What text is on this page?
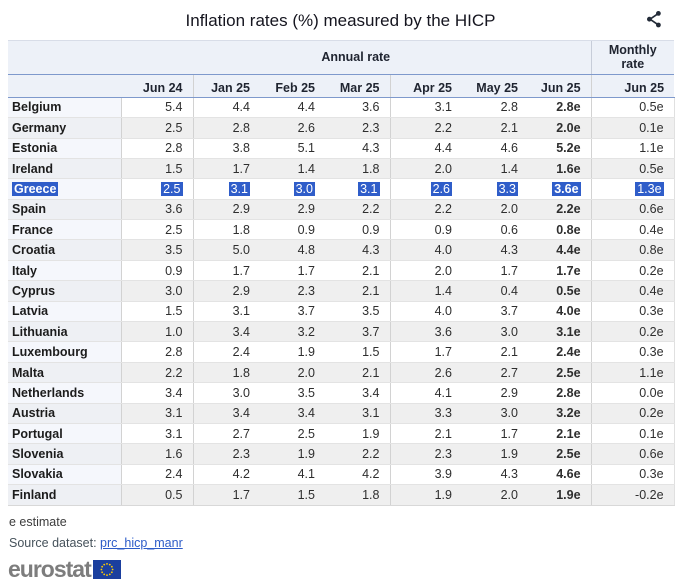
Inflation rates (%) measured by the HICP
	Annual rate							Monthly rate
	Jun 24	Jan 25	Feb 25	Mar 25	Apr 25	May 25	Jun 25	Jun 25
Belgium	5.4	4.4	4.4	3.6	3.1	2.8	2.8e	0.5e
Germany	2.5	2.8	2.6	2.3	2.2	2.1	2.0e	0.1e
Estonia	2.8	3.8	5.1	4.3	4.4	4.6	5.2e	1.1e
Ireland	1.5	1.7	1.4	1.8	2.0	1.4	1.6e	0.5e
Greece	2.5	3.1	3.0	3.1	2.6	3.3	3.6e	1.3e
Spain	3.6	2.9	2.9	2.2	2.2	2.0	2.2e	0.6e
France	2.5	1.8	0.9	0.9	0.9	0.6	0.8e	0.4e
Croatia	3.5	5.0	4.8	4.3	4.0	4.3	4.4e	0.8e
Italy	0.9	1.7	1.7	2.1	2.0	1.7	1.7e	0.2e
Cyprus	3.0	2.9	2.3	2.1	1.4	0.4	0.5e	0.4e
Latvia	1.5	3.1	3.7	3.5	4.0	3.7	4.0e	0.3e
Lithuania	1.0	3.4	3.2	3.7	3.6	3.0	3.1e	0.2e
Luxembourg	2.8	2.4	1.9	1.5	1.7	2.1	2.4e	0.3e
Malta	2.2	1.8	2.0	2.1	2.6	2.7	2.5e	1.1e
Netherlands	3.4	3.0	3.5	3.4	4.1	2.9	2.8e	0.0e
Austria	3.1	3.4	3.4	3.1	3.3	3.0	3.2e	0.2e
Portugal	3.1	2.7	2.5	1.9	2.1	1.7	2.1e	0.1e
Slovenia	1.6	2.3	1.9	2.2	2.3	1.9	2.5e	0.6e
Slovakia	2.4	4.2	4.1	4.2	3.9	4.3	4.6e	0.3e
Finland	0.5	1.7	1.5	1.8	1.9	2.0	1.9e	-0.2e
e estimate
Source dataset: prc_hicp_manr
eurostat
